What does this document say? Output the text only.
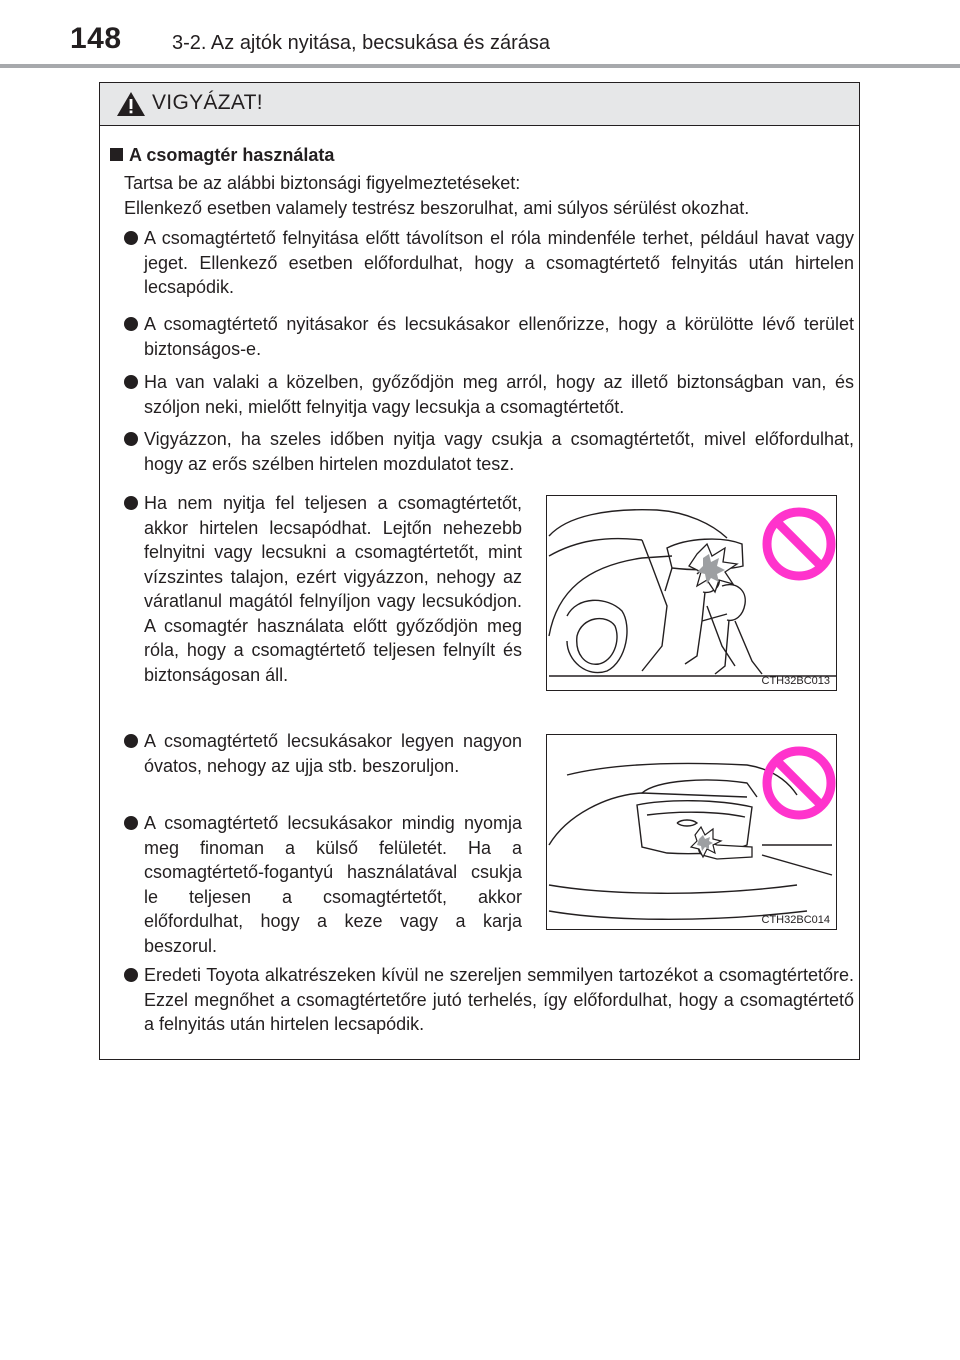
148	3-2. Az ajtók nyitása, becsukása és zárása
VIGYÁZAT!
A csomagtér használata
Tartsa be az alábbi biztonsági figyelmeztetéseket:
Ellenkező esetben valamely testrész beszorulhat, ami súlyos sérülést okozhat.
A csomagtértető felnyitása előtt távolítson el róla mindenféle terhet, például havat vagy jeget. Ellenkező esetben előfordulhat, hogy a csomagtértető felnyitás után hirtelen lecsapódik.
A csomagtértető nyitásakor és lecsukásakor ellenőrizze, hogy a körülötte lévő terület biztonságos-e.
Ha van valaki a közelben, győződjön meg arról, hogy az illető biztonságban van, és szóljon neki, mielőtt felnyitja vagy lecsukja a csomagtértetőt.
Vigyázzon, ha szeles időben nyitja vagy csukja a csomagtértetőt, mivel előfordulhat, hogy az erős szélben hirtelen mozdulatot tesz.
Ha nem nyitja fel teljesen a csomagtértetőt, akkor hirtelen lecsapódhat. Lejtőn nehezebb felnyitni vagy lecsukni a csomagtértetőt, mint vízszintes talajon, ezért vigyázzon, nehogy az váratlanul magától felnyíljon vagy lecsukódjon. A csomagtér használata előtt győződjön meg róla, hogy a csomagtértető teljesen felnyílt és biztonságosan áll.	CTH32BC013
A csomagtértető lecsukásakor legyen nagyon óvatos, nehogy az ujja stb. beszoruljon.
CTH32BC014
A csomagtértető lecsukásakor mindig nyomja meg finoman a külső felületét. Ha a csomagtértető-fogantyú használatával csukja le teljesen a csomagtértetőt, akkor előfordulhat, hogy a keze vagy a karja beszorul.
Eredeti Toyota alkatrészeken kívül ne szereljen semmilyen tartozékot a csomagtértetőre. Ezzel megnőhet a csomagtértetőre jutó terhelés, így előfordulhat, hogy a csomagtértető a felnyitás után hirtelen lecsapódik.
